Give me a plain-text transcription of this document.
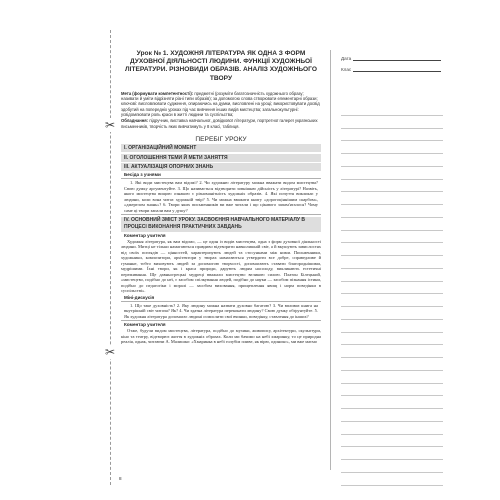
✂
✂
Дата
Клас
Урок № 1. ХУДОЖНЯ ЛІТЕРАТУРА ЯК ОДНА З ФОРМ ДУХОВНОЇ ДІЯЛЬНОСТІ ЛЮДИНИ. ФУНКЦІЇ ХУДОЖНЬОЇ ЛІТЕРАТУРИ. РІЗНОВИДИ ОБРАЗІВ. АНАЛІЗ ХУДОЖНЬОГО ТВОРУ

Мета (формувати компетентності): предметні (розуміти багатозначність художнього образу; називати й уміти відрізняти різні типи образів); за допомогою слова створювати елементарні образи; ключові: висловлювати судження, опираючись на думки, висловлені на уроці; використовувати досвід здобутий на попередніх уроках під час вивчення інших видів мистецтва; загальнокультурні: усвідомлювати роль краси в житті людини та суспільства;

Обладнання: підручник, виставка навчальної, довідкової літератури, портретної галереї українських письменників, творчість яких вивчатимуть у 8 класі, таблиця.

ПЕРЕБІГ УРОКУ
І. ОРГАНІЗАЦІЙНИЙ МОМЕНТ
ІІ. ОГОЛОШЕННЯ ТЕМИ Й МЕТИ ЗАНЯТТЯ
ІІІ. АКТУАЛІЗАЦІЯ ОПОРНИХ ЗНАНЬ
Бесіда з учнями

1. Які види мистецтва вам відомі? 2. Чи художню літературу можна вважати видом мистецтва? Свою думку аргументуйте. 3. Що називається відтворити зовнішню дійсність у літературі? Назвіть, якого мистецтва вищою ознакою є різноманітність художніх образів. 4. Які почуття викликає у людини, коли вона читає художній твір? 5. Чи можна вважати книгу «дорогоціннішим скарбом», «джерелом знань»? 6. Твори яких письменників ви вже читали і що цікавого запам'яталося? Чому саме ці твори запали вам у душу?

IV. ОСНОВНИЙ ЗМІСТ УРОКУ. ЗАСВОЄННЯ НАВЧАЛЬНОГО МАТЕРІАЛУ В ПРОЦЕСІ ВИКОНАННЯ ПРАКТИЧНИХ ЗАВДАНЬ
Коментар учителя

Художня література, як вам відомо, — це один із видів мистецтва, одна з форм духовної діяльності людини. Митці не тільки намагаються правдиво відтворити навколишній світ, а й вкушують завислостях від своїх поглядів — цінностей, характеризують людей та стосунками між ними. Письменники, художники, композитори, архітектори у творах намагаються утвердити все добре, справедливе й гуманне, тобто виховують людей за допомогою творчості, допомагають ставати благороднішими, мудрішими. Їхні твори, як і краса природи, дарують людям насолоду, викликають естетичні переживання. Ще давньогрецькі мудреці вважали мистецтво великою силою. Платон Білецький, «мистецтво, подібно до неї, є засобом спілкування людей, подібно до науки — засобом пізнання істини, подібно до педагогіки і моралі — засобом виховання, прищеплення явищ і норм поведінки в суспільстві».

Міні-дискусія

1. Що таке духовність? 2. Яку людину можна назвати духовно багатою? 3. Чи впливає книга на внутрішній світ читача? Як? 4. Чи здатна література переконати людину? Свою думку обґрунтуйте. 5. Як художня література допомагає людині осмислити свої вчинки, поведінку, ставлення до інших?

Коментар учителя

Отже, будучи видом мистецтва, література, подібно до музики, живопису, архітектури, скульптури, кіно та театру, відтворює життя в художніх образах. Коли ми бачимо на небі хмаринку, то це природна реалія, однак, читаючи А. Малишко: «Хмаринка в небі голубім пливе, як вірю, одиноко», ми вже маємо

8
